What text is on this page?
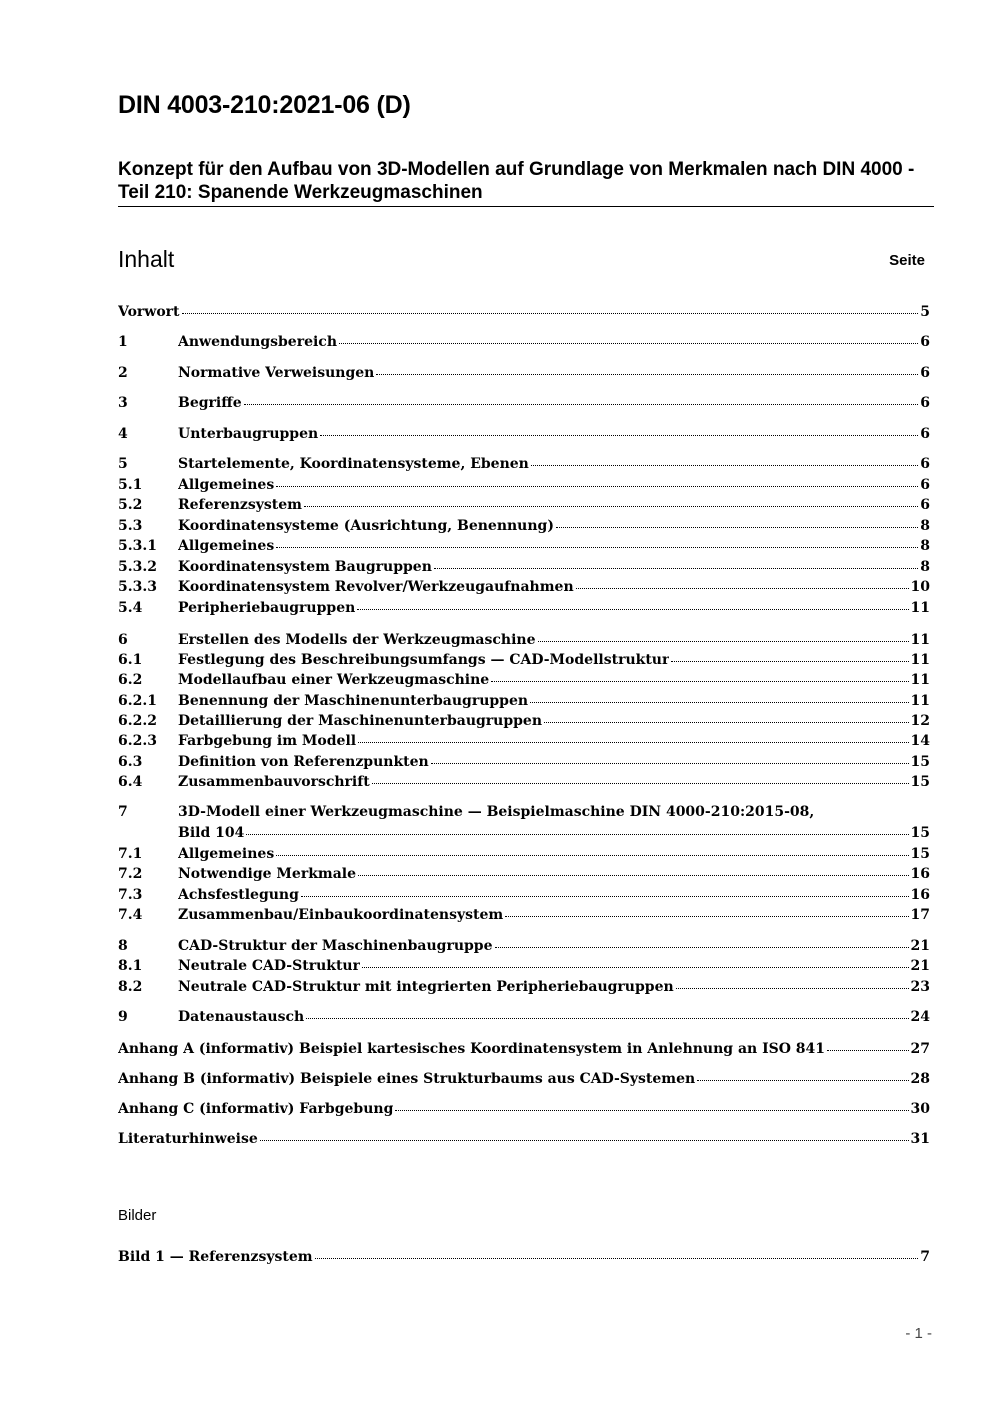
DIN 4003-210:2021-06 (D)
Konzept für den Aufbau von 3D-Modellen auf Grundlage von Merkmalen nach DIN 4000 - Teil 210: Spanende Werkzeugmaschinen
Inhalt	Seite
Vorwort	5
1	Anwendungsbereich	6
2	Normative Verweisungen	6
3	Begriffe	6
4	Unterbaugruppen	6
5	Startelemente, Koordinatensysteme, Ebenen	6
5.1	Allgemeines	6
5.2	Referenzsystem	6
5.3	Koordinatensysteme (Ausrichtung, Benennung)	8
5.3.1	Allgemeines	8
5.3.2	Koordinatensystem Baugruppen	8
5.3.3	Koordinatensystem Revolver/Werkzeugaufnahmen	10
5.4	Peripheriebaugruppen	11
6	Erstellen des Modells der Werkzeugmaschine	11
6.1	Festlegung des Beschreibungsumfangs — CAD-Modellstruktur	11
6.2	Modellaufbau einer Werkzeugmaschine	11
6.2.1	Benennung der Maschinenunterbaugruppen	11
6.2.2	Detaillierung der Maschinenunterbaugruppen	12
6.2.3	Farbgebung im Modell	14
6.3	Definition von Referenzpunkten	15
6.4	Zusammenbauvorschrift	15
7	3D-Modell einer Werkzeugmaschine — Beispielmaschine DIN 4000-210:2015-08,
Bild 104	15
7.1	Allgemeines	15
7.2	Notwendige Merkmale	16
7.3	Achsfestlegung	16
7.4	Zusammenbau/Einbaukoordinatensystem	17
8	CAD-Struktur der Maschinenbaugruppe	21
8.1	Neutrale CAD-Struktur	21
8.2	Neutrale CAD-Struktur mit integrierten Peripheriebaugruppen	23
9	Datenaustausch	24
Anhang A (informativ) Beispiel kartesisches Koordinatensystem in Anlehnung an ISO 841	27
Anhang B (informativ) Beispiele eines Strukturbaums aus CAD-Systemen	28
Anhang C (informativ) Farbgebung	30
Literaturhinweise	31
Bilder
Bild 1 — Referenzsystem	7
- 1 -
